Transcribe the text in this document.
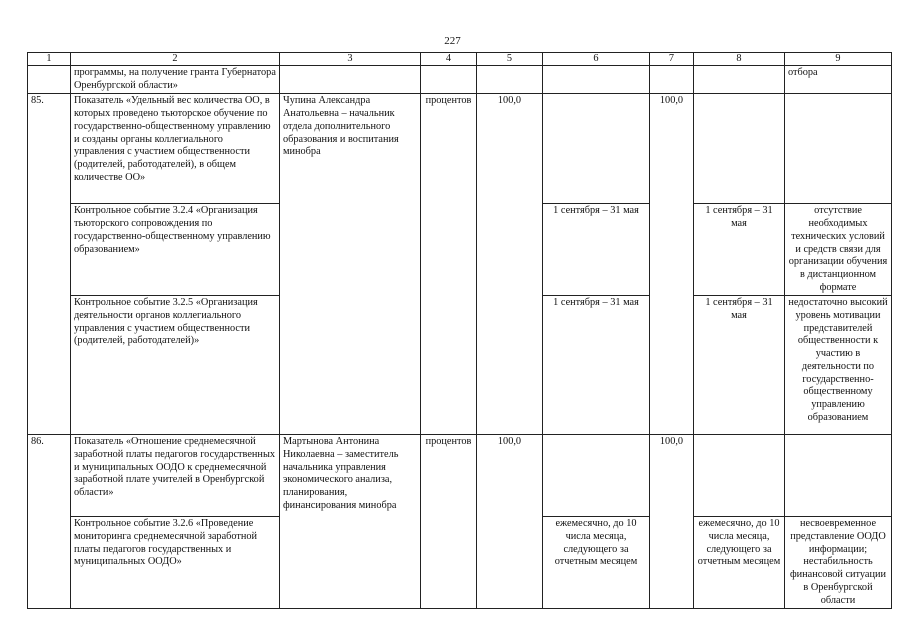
227
1	2	3	4	5	6	7	8	9
	программы, на получение гранта Губернатора Оренбургской области»							отбора
85.	Показатель «Удельный вес количества ОО, в которых проведено тьюторское обучение по государственно-общественному управлению и созданы органы коллегиального управления с участием общественности (родителей, работодателей), в общем количестве ОО»	Чупина Александра Анатольевна – начальник отдела дополнительного образования и воспитания минобра	процентов	100,0		100,0		
	Контрольное событие 3.2.4 «Организация тьюторского сопровождения по государственно-общественному управлению образованием»				1 сентября – 31 мая		1 сентября – 31 мая	отсутствие необходимых технических условий и средств связи для организации обучения в дистанционном формате
	Контрольное событие 3.2.5 «Организация деятельности органов коллегиального управления с участием общественности (родителей, работодателей)»				1 сентября – 31 мая		1 сентября – 31 мая	недостаточно высокий уровень мотивации представителей общественности к участию в деятельности по государственно-общественному управлению образованием
86.	Показатель «Отношение среднемесячной заработной платы педагогов государственных и муниципальных ООДО к среднемесячной заработной плате учителей в Оренбургской области»	Мартынова Антонина Николаевна – заместитель начальника управления экономического анализа, планирования, финансирования минобра	процентов	100,0		100,0		
	Контрольное событие 3.2.6 «Проведение мониторинга среднемесячной заработной платы педагогов государственных и муниципальных ООДО»				ежемесячно, до 10 числа месяца, следующего за отчетным месяцем		ежемесячно, до 10 числа месяца, следующего за отчетным месяцем	несвоевременное представление ООДО информации; нестабильность финансовой ситуации в Оренбургской области
